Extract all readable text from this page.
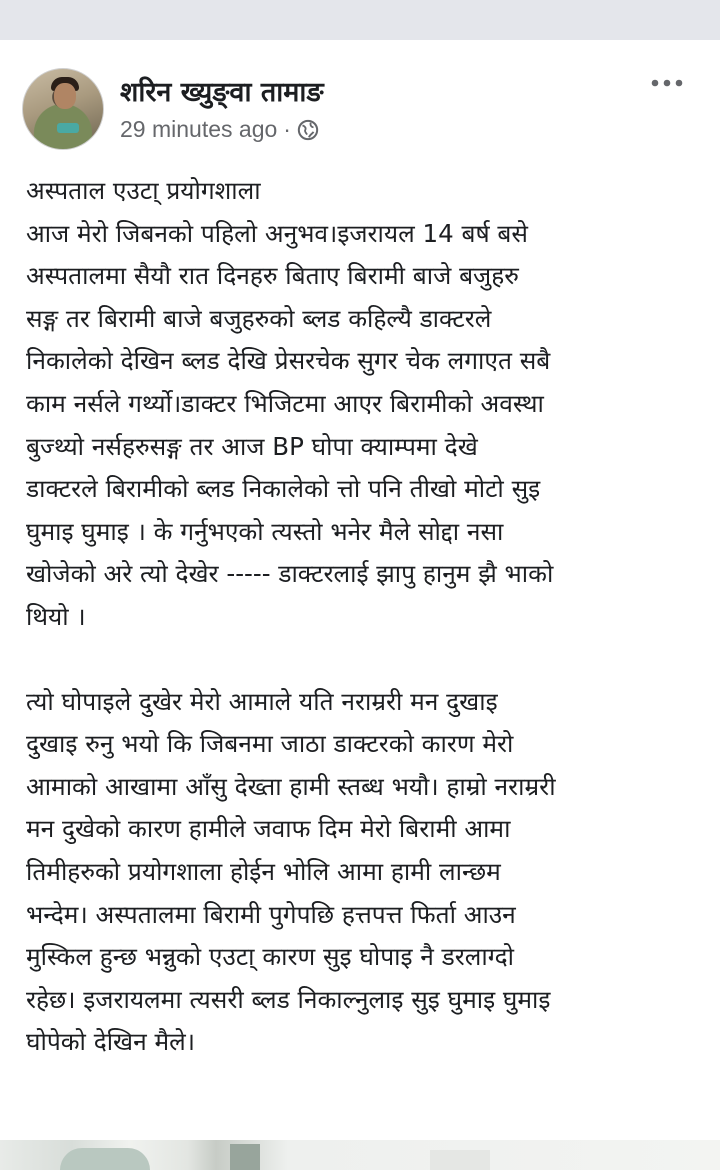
शरिन ख्युङ्वा तामाङ
29 minutes ago ·

अस्पताल एउटा् प्रयोगशाला
आज मेरो जिबनको पहिलो अनुभव।इजरायल 14 बर्ष बसे
अस्पतालमा सैयौ रात दिनहरु बिताए बिरामी बाजे बजुहरु
सङ्ग तर बिरामी बाजे बजुहरुको ब्लड कहिल्यै डाक्टरले
निकालेको देखिन ब्लड देखि प्रेसरचेक सुगर चेक लगाएत सबै
काम नर्सले गर्थ्यो।डाक्टर भिजिटमा आएर बिरामीको अवस्था
बुज्थ्यो नर्सहरुसङ्ग तर आज BP घोपा क्याम्पमा देखे
डाक्टरले बिरामीको ब्लड निकालेको त्तो पनि तीखो मोटो सुइ
घुमाइ घुमाइ । के गर्नुभएको त्यस्तो भनेर मैले सोद्दा नसा
खोजेको अरे त्यो देखेर ----- डाक्टरलाई झापु हानुम झै भाको
थियो ।

त्यो घोपाइले दुखेर मेरो आमाले यति नराम्ररी मन दुखाइ
दुखाइ रुनु भयो कि जिबनमा जाठा डाक्टरको कारण मेरो
आमाको आखामा आँसु देख्ता हामी स्तब्ध भयौ। हाम्रो नराम्ररी
मन दुखेको कारण हामीले जवाफ दिम मेरो बिरामी आमा
तिमीहरुको प्रयोगशाला होईन भोलि आमा हामी लान्छम
भन्देम। अस्पतालमा बिरामी पुगेपछि हत्तपत्त फिर्ता आउन
मुस्किल हुन्छ भन्नुको एउटा् कारण सुइ घोपाइ नै डरलाग्दो
रहेछ। इजरायलमा त्यसरी ब्लड निकाल्नुलाइ सुइ घुमाइ घुमाइ
घोपेको देखिन मैले।
